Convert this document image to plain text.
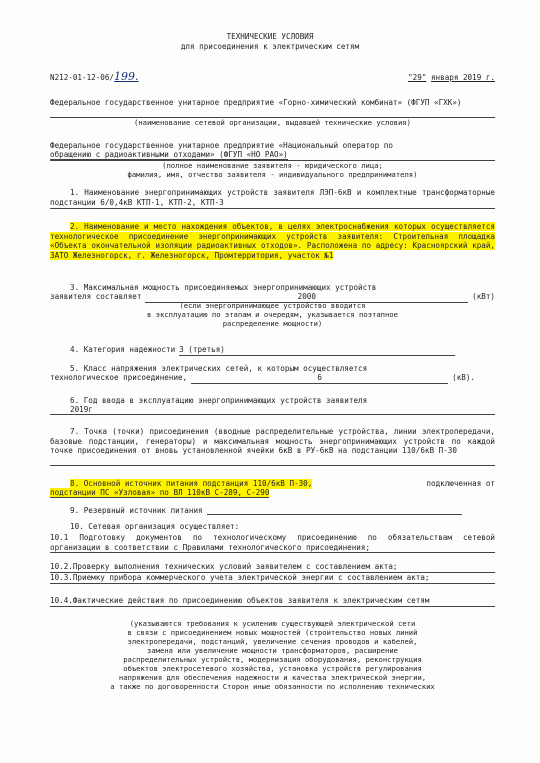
ТЕХНИЧЕСКИЕ УСЛОВИЯ
для присоединения к электрическим сетям
N212-01-12-06/199.	"29" января 2019 г.
Федеральное государственное унитарное предприятие «Горно-химический комбинат» (ФГУП «ГХК»)
(наименование сетевой организации, выдавшей технические условия)
Федеральное государственное унитарное предприятие «Национальный оператор по
обращению с радиоактивными отходами» (ФГУП «НО РАО»)
(полное наименование заявителя - юридического лица;
фамилия, имя, отчество заявителя - индивидуального предпринимателя)
1. Наименование энергопринимающих устройств заявителя ЛЭП-6кВ и комплектные трансформаторные подстанции 6/0,4кВ КТП-1, КТП-2, КТП-3
2. Наименование и место нахождения объектов, в целях электроснабжения которых осуществляется технологическое присоединение энергопринимающих устройств заявителя: Строительная площадка «Объекта окончательной изоляции радиоактивных отходов». Расположена по адресу: Красноярский край, ЗАТО Железногорск, г. Железногорск, Промтерритория, участок №1
3. Максимальная мощность присоединяемых энергопринимающих устройств
заявителя составляет	2000	(кВт)
(если энергопринимающее устройство вводится
в эксплуатацию по этапам и очередям, указывается поэтапное
распределение мощности)
4. Категория надежности 3 (третья)
5. Класс напряжения электрических сетей, к которым осуществляется
технологическое присоединение,	6	(кВ).
6. Год ввода в эксплуатацию энергопринимающих устройств заявителя
2019г
7. Точка (точки) присоединения (вводные распределительные устройства, линии электропередачи, базовые подстанции, генераторы) и максимальная мощность энергопринимающих устройств по каждой точке присоединения от вновь установленной ячейки 6кВ в РУ-6кВ на подстанции 110/6кВ П-30
8. Основной источник питания подстанция 110/6кВ П-30,	подключенная от
подстанции ПС «Узловая» по ВЛ 110кВ С-289, С-290
9. Резервный источник питания
10. Сетевая организация осуществляет:
10.1 Подготовку документов по технологическому присоединению по обязательствам сетевой организации в соответствии с Правилами технологического присоединения;
10.2.Проверку выполнения технических условий заявителем с составлением акта;
10.3.Приемку прибора коммерческого учета электрической энергии с составлением акта;
10.4.Фактические действия по присоединению объектов заявителя к электрическим сетям
(указываются требования к усилению существующей электрической сети
в связи с присоединением новых мощностей (строительство новых линий
электропередачи, подстанций, увеличение сечения проводов и кабелей,
замена или увеличение мощности трансформаторов, расширение
распределительных устройств, модернизация оборудования, реконструкция
объектов электросетевого хозяйства, установка устройств регулирования
напряжения для обеспечения надежности и качества электрической энергии,
а также по договоренности Сторон иные обязанности по исполнению технических
